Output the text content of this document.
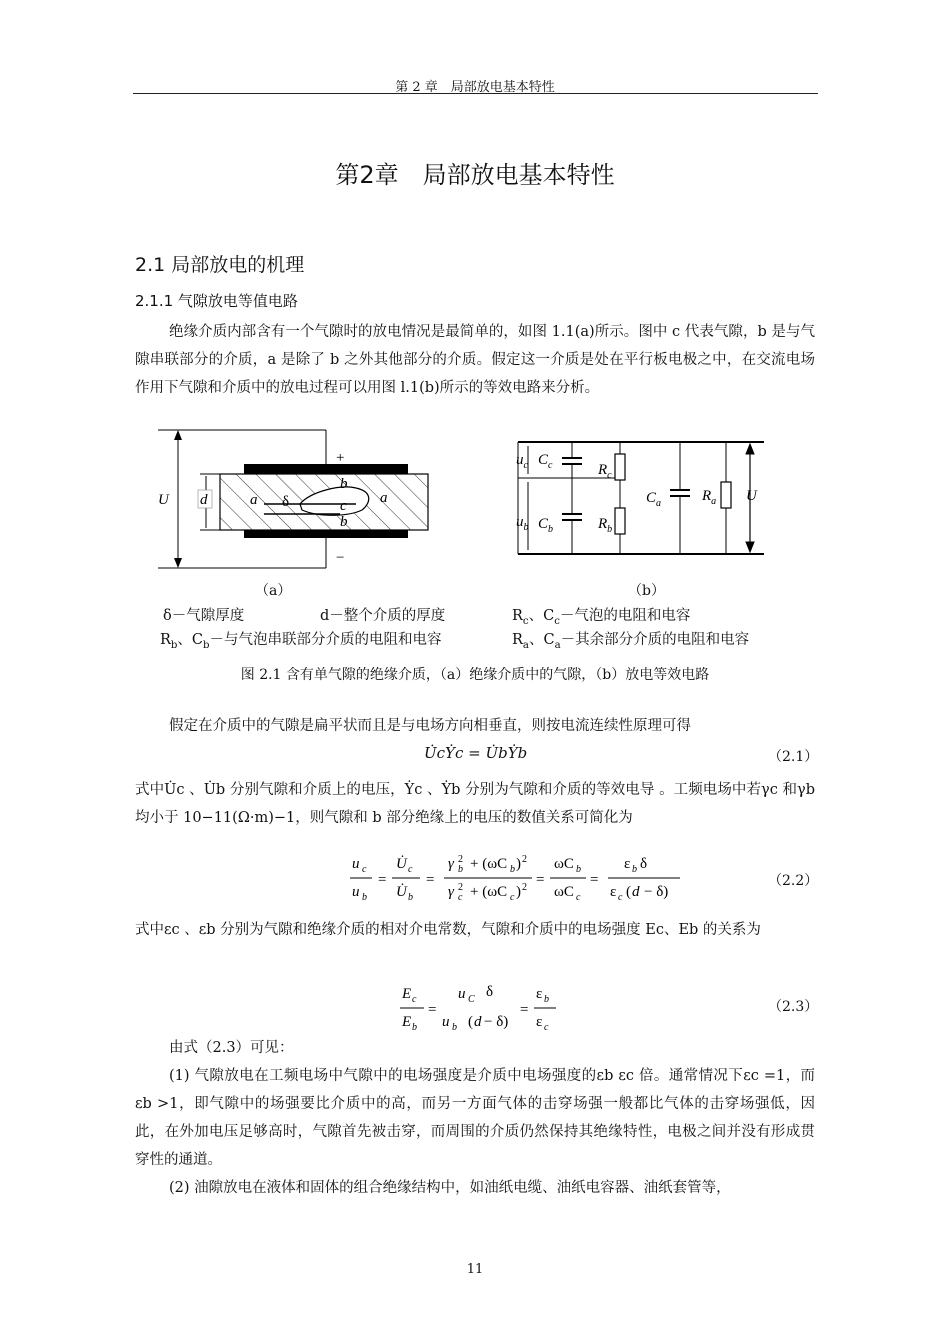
第 2 章　局部放电基本特性
第2章　局部放电基本特性
2.1 局部放电的机理
2.1.1 气隙放电等值电路
绝缘介质内部含有一个气隙时的放电情况是最简单的，如图 1.1(a)所示。图中 c 代表气隙，b 是与气隙串联部分的介质，a 是除了 b 之外其他部分的介质。假定这一介质是处在平行板电极之中，在交流电场作用下气隙和介质中的放电过程可以用图 l.1(b)所示的等效电路来分析。
U d	a	a
δ
b
c
b
+
−
$u_c$
$u_b$
$C_c$
$C_b$
$R_c$
$R_b$
$C_a$	$R_a$ U
（a）	（b）
δ－气隙厚度	d－整个介质的厚度	$R_c$、$C_c-$气泡的电阻和电容
$R_b$、$C_b-$与气泡串联部分介质的电阻和电容	$R_a$、$C_a-$其余部分介质的电阻和电容
图 2.1 含有单气隙的绝缘介质，（a）绝缘介质中的气隙，（b）放电等效电路
假定在介质中的气隙是扁平状而且是与电场方向相垂直，则按电流连续性原理可得
U̇cẎc = U̇bẎb	（2.1）
式中U̇c 、U̇b 分别气隙和介质上的电压，Ẏc 、Ẏb 分别为气隙和介质的等效电导 。工频电场中若γc 和γb 均小于 10−11(Ω·m)−1，则气隙和 b 部分绝缘上的电压的数值关系可简化为
u c
u b
=
U̇ c
U̇ b
=
γ 2
b + (ωC b ) 2
γ 2
c + (ωC c ) 2 =
ωC b
ωC c
=
ε b δ
ε c ( d − δ)
（2.2）
式中εc 、εb 分别为气隙和绝缘介质的相对介电常数，气隙和介质中的电场强度 Ec、Eb 的关系为
E c
E b
=
u C δ
u b ( d − δ)
=
ε b
ε c
（2.3）
由式（2.3）可见：
(1) 气隙放电在工频电场中气隙中的电场强度是介质中电场强度的εb εc 倍。通常情况下εc =1，而εb >1，即气隙中的场强要比介质中的高，而另一方面气体的击穿场强一般都比气体的击穿场强低，因此，在外加电压足够高时，气隙首先被击穿，而周围的介质仍然保持其绝缘特性，电极之间并没有形成贯穿性的通道。
(2) 油隙放电在液体和固体的组合绝缘结构中，如油纸电缆、油纸电容器、油纸套管等，
11
